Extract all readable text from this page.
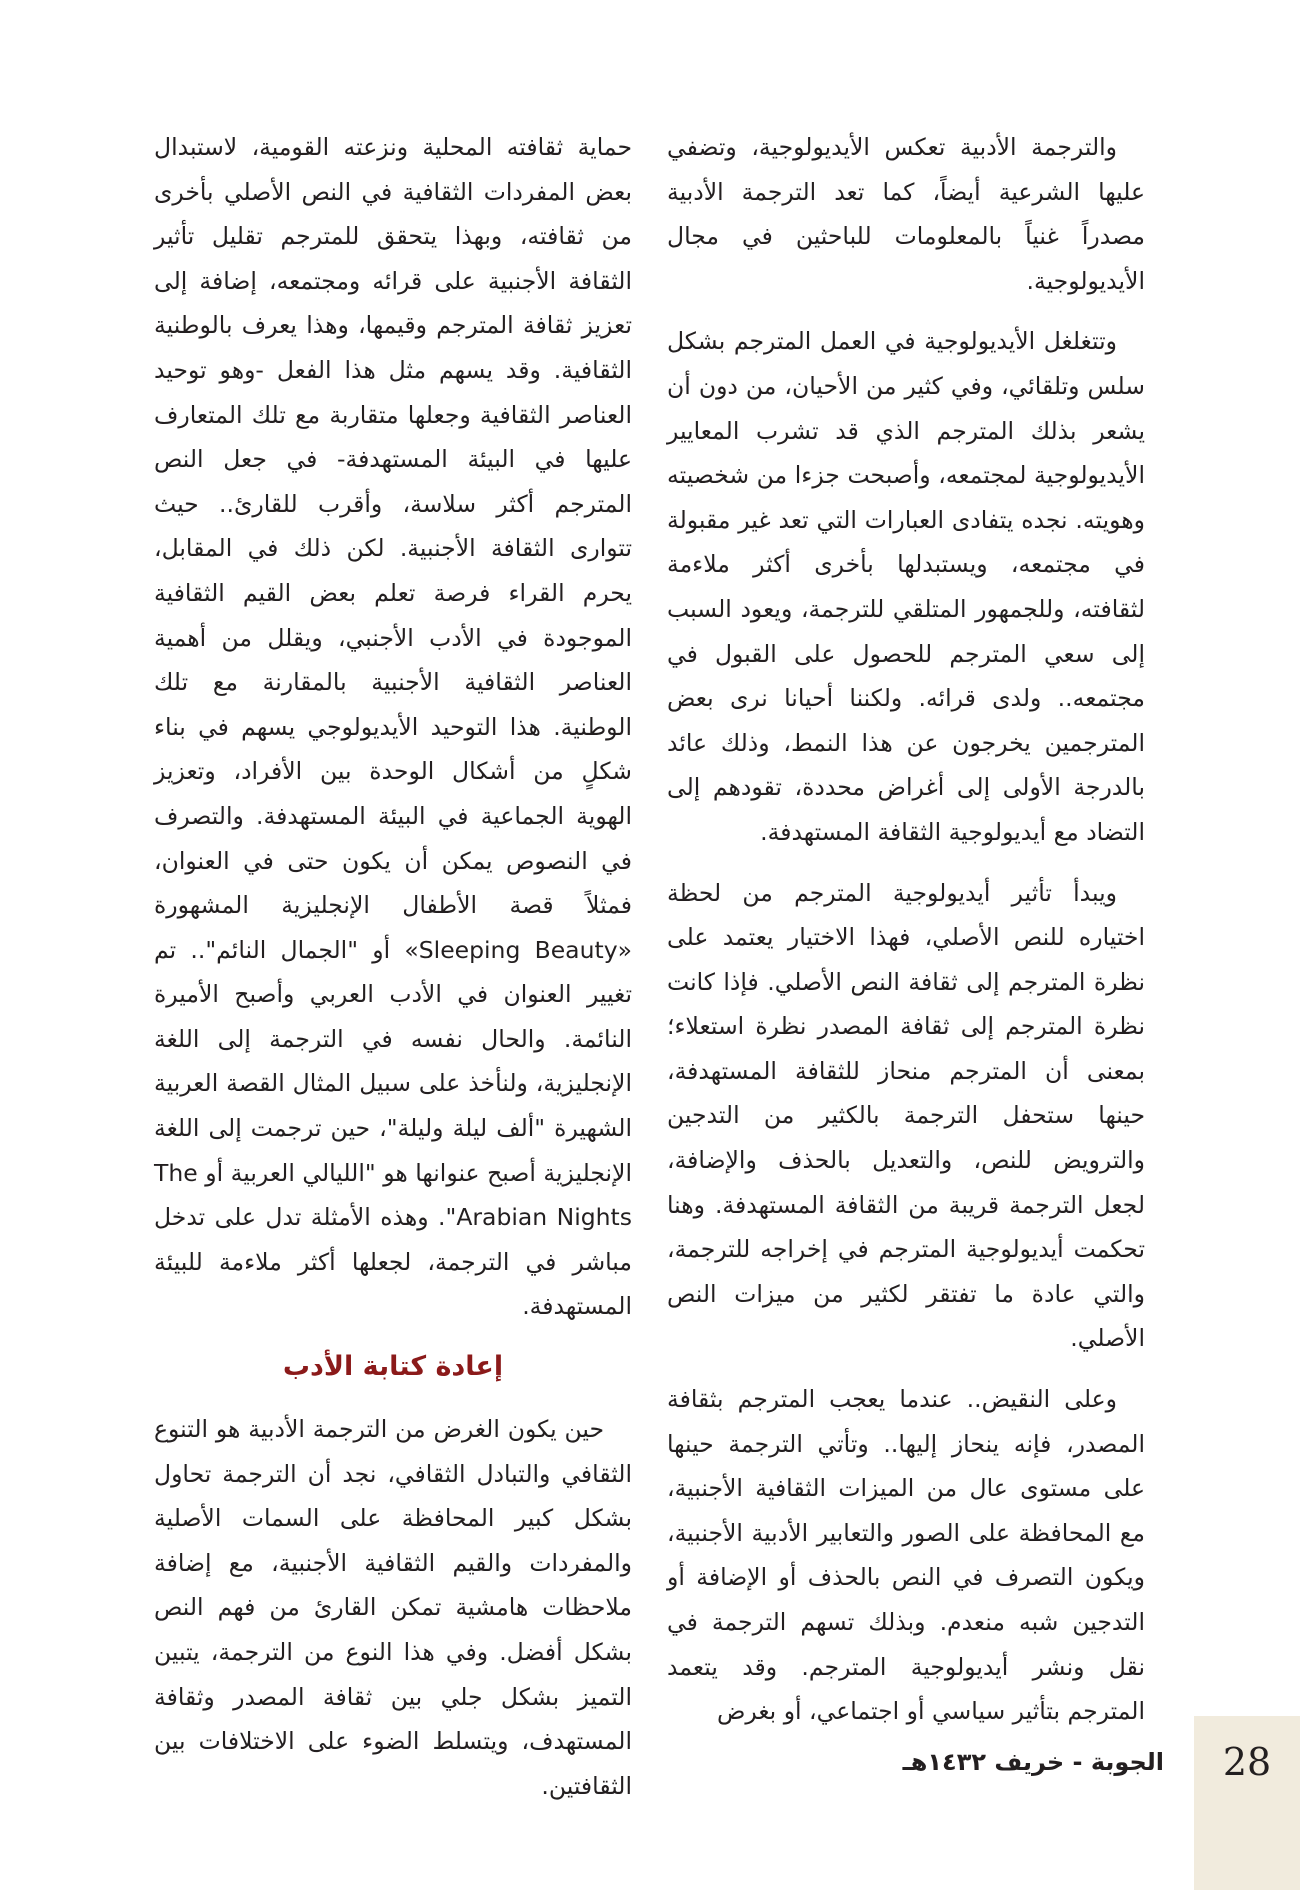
والترجمة الأدبية تعكس الأيديولوجية، وتضفي عليها الشرعية أيضاً، كما تعد الترجمة الأدبية مصدراً غنياً بالمعلومات للباحثين في مجال الأيديولوجية.

وتتغلغل الأيديولوجية في العمل المترجم بشكل سلس وتلقائي، وفي كثير من الأحيان، من دون أن يشعر بذلك المترجم الذي قد تشرب المعايير الأيديولوجية لمجتمعه، وأصبحت جزءا من شخصيته وهويته. نجده يتفادى العبارات التي تعد غير مقبولة في مجتمعه، ويستبدلها بأخرى أكثر ملاءمة لثقافته، وللجمهور المتلقي للترجمة، ويعود السبب إلى سعي المترجم للحصول على القبول في مجتمعه.. ولدى قرائه. ولكننا أحيانا نرى بعض المترجمين يخرجون عن هذا النمط، وذلك عائد بالدرجة الأولى إلى أغراض محددة، تقودهم إلى التضاد مع أيديولوجية الثقافة المستهدفة.

ويبدأ تأثير أيديولوجية المترجم من لحظة اختياره للنص الأصلي، فهذا الاختيار يعتمد على نظرة المترجم إلى ثقافة النص الأصلي. فإذا كانت نظرة المترجم إلى ثقافة المصدر نظرة استعلاء؛ بمعنى أن المترجم منحاز للثقافة المستهدفة، حينها ستحفل الترجمة بالكثير من التدجين والترويض للنص، والتعديل بالحذف والإضافة، لجعل الترجمة قريبة من الثقافة المستهدفة. وهنا تحكمت أيديولوجية المترجم في إخراجه للترجمة، والتي عادة ما تفتقر لكثير من ميزات النص الأصلي.

وعلى النقيض.. عندما يعجب المترجم بثقافة المصدر، فإنه ينحاز إليها.. وتأتي الترجمة حينها على مستوى عال من الميزات الثقافية الأجنبية، مع المحافظة على الصور والتعابير الأدبية الأجنبية، ويكون التصرف في النص بالحذف أو الإضافة أو التدجين شبه منعدم. وبذلك تسهم الترجمة في نقل ونشر أيديولوجية المترجم. وقد يتعمد المترجم بتأثير سياسي أو اجتماعي، أو بغرض

حماية ثقافته المحلية ونزعته القومية، لاستبدال بعض المفردات الثقافية في النص الأصلي بأخرى من ثقافته، وبهذا يتحقق للمترجم تقليل تأثير الثقافة الأجنبية على قرائه ومجتمعه، إضافة إلى تعزيز ثقافة المترجم وقيمها، وهذا يعرف بالوطنية الثقافية. وقد يسهم مثل هذا الفعل -وهو توحيد العناصر الثقافية وجعلها متقاربة مع تلك المتعارف عليها في البيئة المستهدفة- في جعل النص المترجم أكثر سلاسة، وأقرب للقارئ.. حيث تتوارى الثقافة الأجنبية. لكن ذلك في المقابل، يحرم القراء فرصة تعلم بعض القيم الثقافية الموجودة في الأدب الأجنبي، ويقلل من أهمية العناصر الثقافية الأجنبية بالمقارنة مع تلك الوطنية. هذا التوحيد الأيديولوجي يسهم في بناء شكلٍ من أشكال الوحدة بين الأفراد، وتعزيز الهوية الجماعية في البيئة المستهدفة. والتصرف في النصوص يمكن أن يكون حتى في العنوان، فمثلاً قصة الأطفال الإنجليزية المشهورة «Sleeping Beauty» أو "الجمال النائم".. تم تغيير العنوان في الأدب العربي وأصبح الأميرة النائمة. والحال نفسه في الترجمة إلى اللغة الإنجليزية، ولنأخذ على سبيل المثال القصة العربية الشهيرة "ألف ليلة وليلة"، حين ترجمت إلى اللغة الإنجليزية أصبح عنوانها هو "الليالي العربية أو The Arabian Nights". وهذه الأمثلة تدل على تدخل مباشر في الترجمة، لجعلها أكثر ملاءمة للبيئة المستهدفة.

إعادة كتابة الأدب

حين يكون الغرض من الترجمة الأدبية هو التنوع الثقافي والتبادل الثقافي، نجد أن الترجمة تحاول بشكل كبير المحافظة على السمات الأصلية والمفردات والقيم الثقافية الأجنبية، مع إضافة ملاحظات هامشية تمكن القارئ من فهم النص بشكل أفضل. وفي هذا النوع من الترجمة، يتبين التميز بشكل جلي بين ثقافة المصدر وثقافة المستهدف، ويتسلط الضوء على الاختلافات بين الثقافتين.

28
الجوبة - خريف ١٤٣٢هـ
